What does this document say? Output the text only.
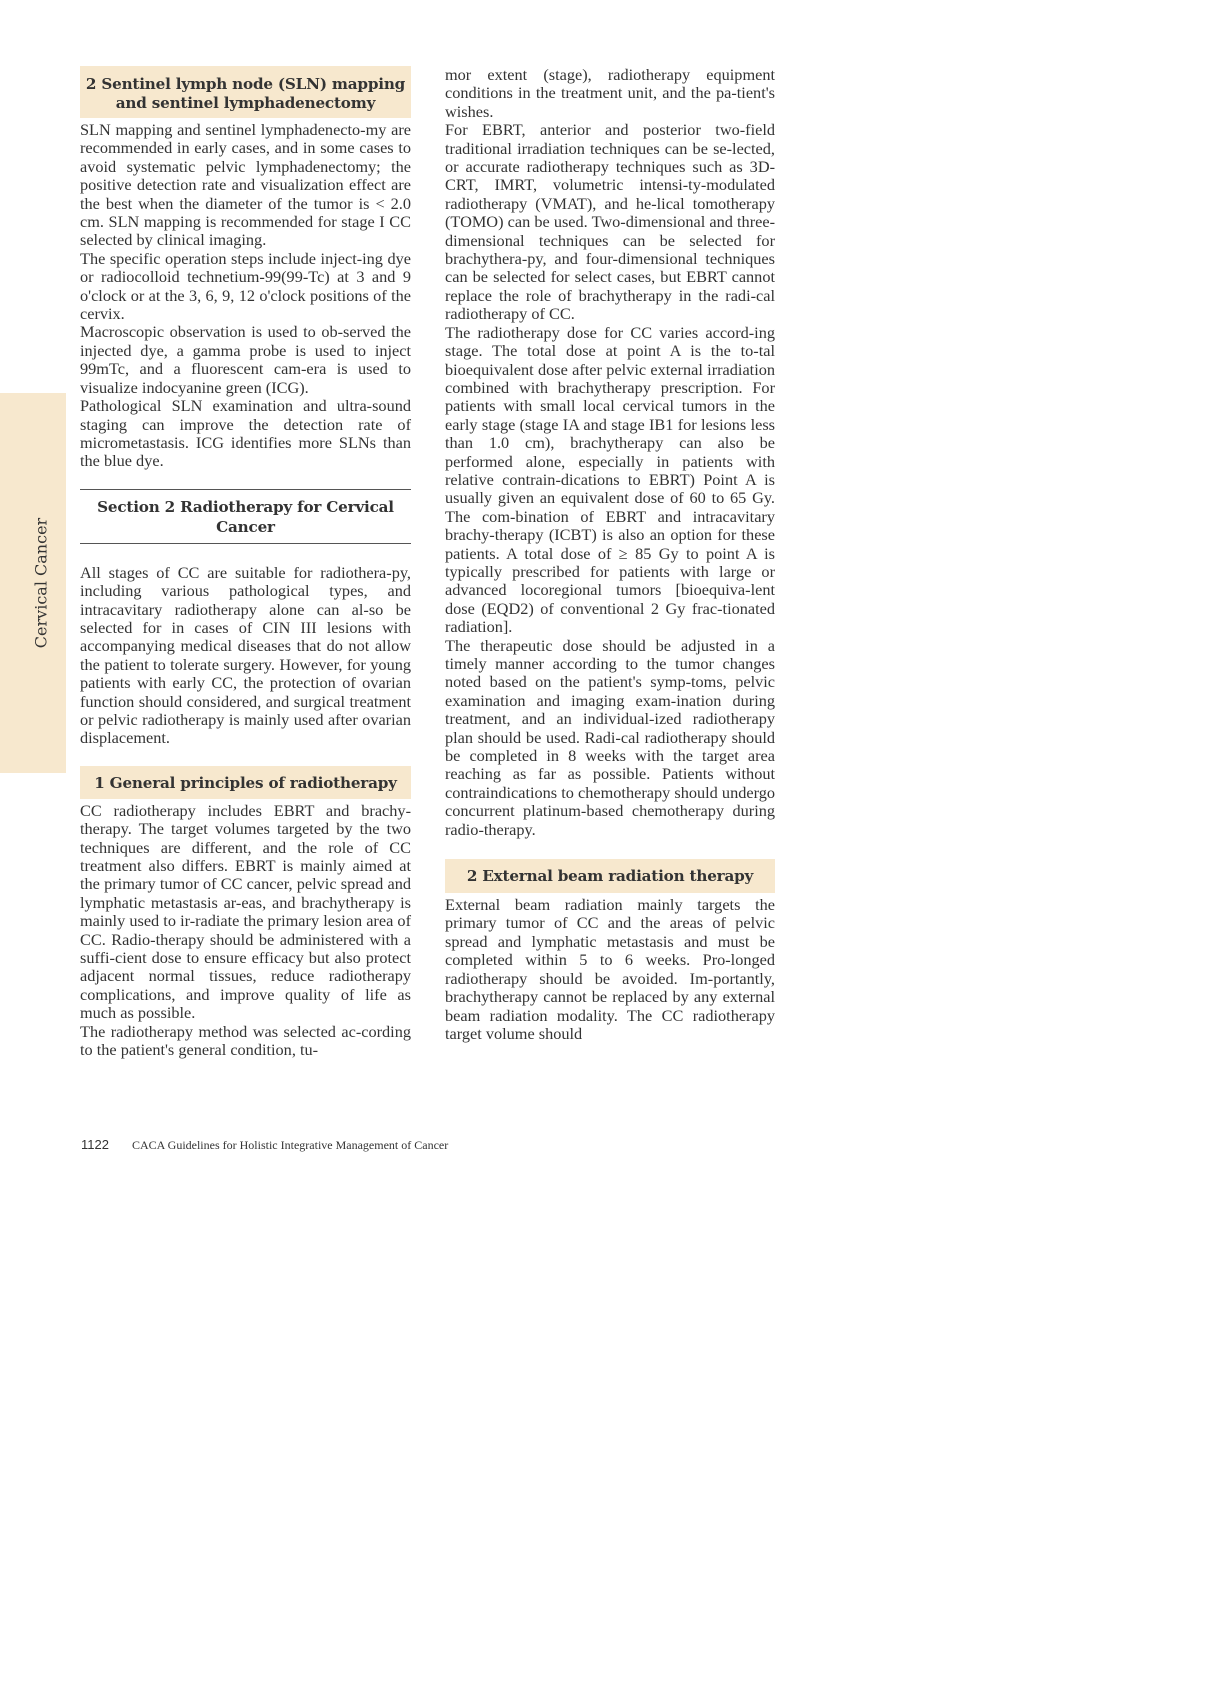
Cervical Cancer
2 Sentinel lymph node (SLN) mapping and sentinel lymphadenectomy

SLN mapping and sentinel lymphadenecto-my are recommended in early cases, and in some cases to avoid systematic pelvic lymphadenectomy; the positive detection rate and visualization effect are the best when the diameter of the tumor is < 2.0 cm. SLN mapping is recommended for stage I CC selected by clinical imaging.

The specific operation steps include inject-ing dye or radiocolloid technetium-99(99-Tc) at 3 and 9 o'clock or at the 3, 6, 9, 12 o'clock positions of the cervix.

Macroscopic observation is used to ob-served the injected dye, a gamma probe is used to inject 99mTc, and a fluorescent cam-era is used to visualize indocyanine green (ICG).

Pathological SLN examination and ultra-sound staging can improve the detection rate of micrometastasis. ICG identifies more SLNs than the blue dye.

Section 2 Radiotherapy for Cervical Cancer

All stages of CC are suitable for radiothera-py, including various pathological types, and intracavitary radiotherapy alone can al-so be selected for in cases of CIN III lesions with accompanying medical diseases that do not allow the patient to tolerate surgery. However, for young patients with early CC, the protection of ovarian function should considered, and surgical treatment or pelvic radiotherapy is mainly used after ovarian displacement.

1 General principles of radiotherapy

CC radiotherapy includes EBRT and brachy-therapy. The target volumes targeted by the two techniques are different, and the role of CC treatment also differs. EBRT is mainly aimed at the primary tumor of CC cancer, pelvic spread and lymphatic metastasis ar-eas, and brachytherapy is mainly used to ir-radiate the primary lesion area of CC. Radio-therapy should be administered with a suffi-cient dose to ensure efficacy but also protect adjacent normal tissues, reduce radiotherapy complications, and improve quality of life as much as possible.

The radiotherapy method was selected ac-cording to the patient's general condition, tu-

mor extent (stage), radiotherapy equipment conditions in the treatment unit, and the pa-tient's wishes.

For EBRT, anterior and posterior two-field traditional irradiation techniques can be se-lected, or accurate radiotherapy techniques such as 3D-CRT, IMRT, volumetric intensi-ty-modulated radiotherapy (VMAT), and he-lical tomotherapy (TOMO) can be used. Two-dimensional and three-dimensional techniques can be selected for brachythera-py, and four-dimensional techniques can be selected for select cases, but EBRT cannot replace the role of brachytherapy in the radi-cal radiotherapy of CC.

The radiotherapy dose for CC varies accord-ing stage. The total dose at point A is the to-tal bioequivalent dose after pelvic external irradiation combined with brachytherapy prescription. For patients with small local cervical tumors in the early stage (stage IA and stage IB1 for lesions less than 1.0 cm), brachytherapy can also be performed alone, especially in patients with relative contrain-dications to EBRT) Point A is usually given an equivalent dose of 60 to 65 Gy. The com-bination of EBRT and intracavitary brachy-therapy (ICBT) is also an option for these patients. A total dose of ≥ 85 Gy to point A is typically prescribed for patients with large or advanced locoregional tumors [bioequiva-lent dose (EQD2) of conventional 2 Gy frac-tionated radiation].

The therapeutic dose should be adjusted in a timely manner according to the tumor changes noted based on the patient's symp-toms, pelvic examination and imaging exam-ination during treatment, and an individual-ized radiotherapy plan should be used. Radi-cal radiotherapy should be completed in 8 weeks with the target area reaching as far as possible. Patients without contraindications to chemotherapy should undergo concurrent platinum-based chemotherapy during radio-therapy.

2 External beam radiation therapy

External beam radiation mainly targets the primary tumor of CC and the areas of pelvic spread and lymphatic metastasis and must be completed within 5 to 6 weeks. Pro-longed radiotherapy should be avoided. Im-portantly, brachytherapy cannot be replaced by any external beam radiation modality. The CC radiotherapy target volume should

1122 CACA Guidelines for Holistic Integrative Management of Cancer
